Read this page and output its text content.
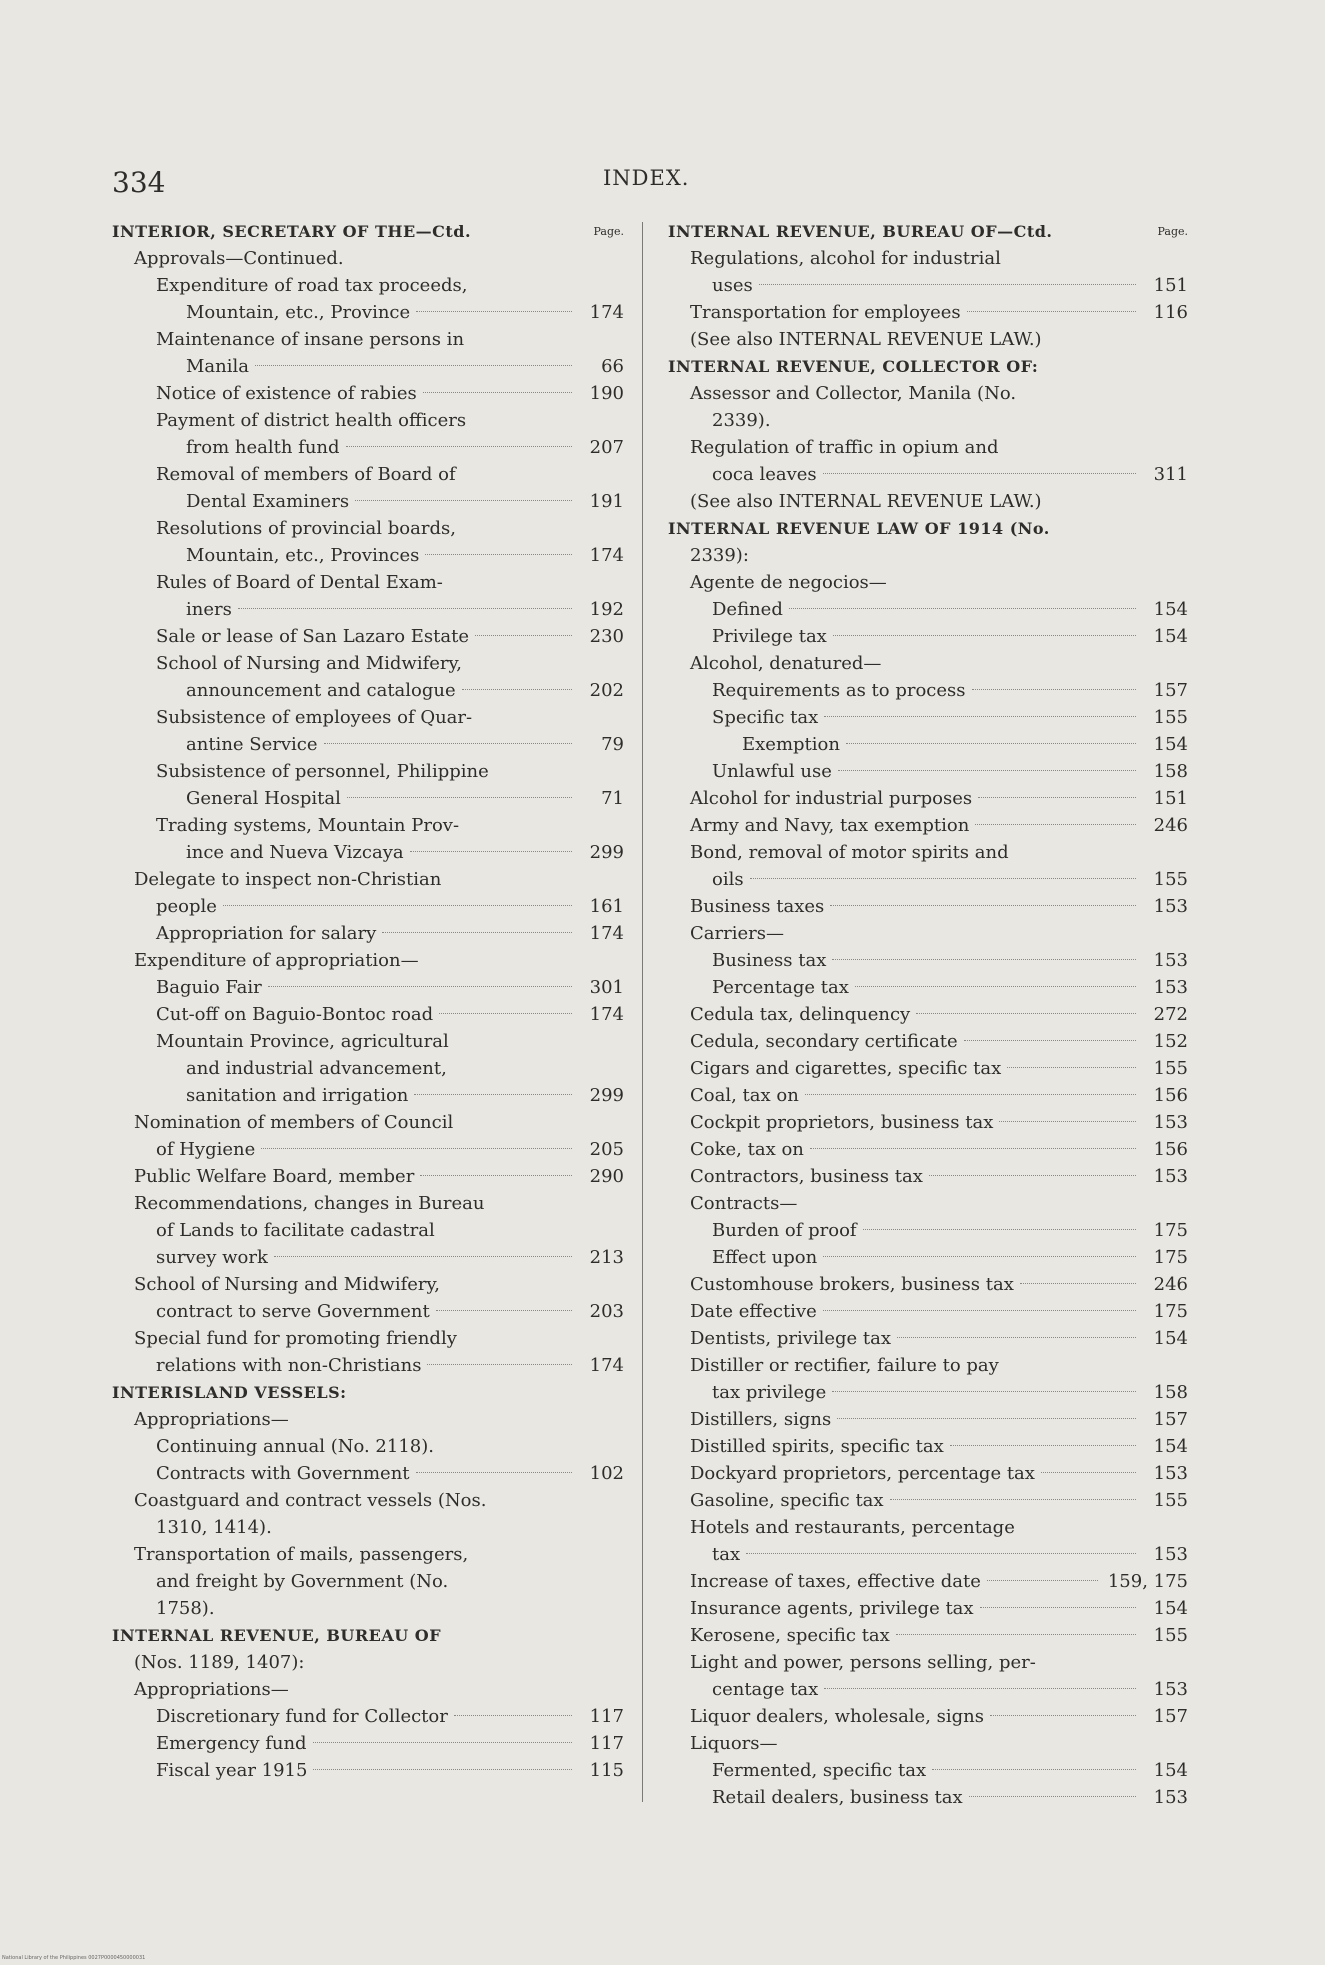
334	INDEX.
INTERIOR, SECRETARY OF THE—Ctd.	Page.
Approvals—Continued.
Expenditure of road tax proceeds,
Mountain, etc., Province	174
Maintenance of insane persons in
Manila	66
Notice of existence of rabies	190
Payment of district health officers
from health fund	207
Removal of members of Board of
Dental Examiners	191
Resolutions of provincial boards,
Mountain, etc., Provinces	174
Rules of Board of Dental Exam-
iners	192
Sale or lease of San Lazaro Estate	230
School of Nursing and Midwifery,
announcement and catalogue	202
Subsistence of employees of Quar-
antine Service	79
Subsistence of personnel, Philippine
General Hospital	71
Trading systems, Mountain Prov-
ince and Nueva Vizcaya	299
Delegate to inspect non-Christian
people	161
Appropriation for salary	174
Expenditure of appropriation—
Baguio Fair	301
Cut-off on Baguio-Bontoc road	174
Mountain Province, agricultural
and industrial advancement,
sanitation and irrigation	299
Nomination of members of Council
of Hygiene	205
Public Welfare Board, member	290
Recommendations, changes in Bureau
of Lands to facilitate cadastral
survey work	213
School of Nursing and Midwifery,
contract to serve Government	203
Special fund for promoting friendly
relations with non-Christians	174
INTERISLAND VESSELS:
Appropriations—
Continuing annual (No. 2118).
Contracts with Government	102
Coastguard and contract vessels (Nos.
1310, 1414).
Transportation of mails, passengers,
and freight by Government (No.
1758).
INTERNAL REVENUE, BUREAU OF
(Nos. 1189, 1407):
Appropriations—
Discretionary fund for Collector	117
Emergency fund	117
Fiscal year 1915	115
INTERNAL REVENUE, BUREAU OF—Ctd.	Page.
Regulations, alcohol for industrial
uses	151
Transportation for employees	116
(See also INTERNAL REVENUE LAW.)
INTERNAL REVENUE, COLLECTOR OF:
Assessor and Collector, Manila (No.
2339).
Regulation of traffic in opium and
coca leaves	311
(See also INTERNAL REVENUE LAW.)
INTERNAL REVENUE LAW OF 1914 (No.
2339):
Agente de negocios—
Defined	154
Privilege tax	154
Alcohol, denatured—
Requirements as to process	157
Specific tax	155
Exemption	154
Unlawful use	158
Alcohol for industrial purposes	151
Army and Navy, tax exemption	246
Bond, removal of motor spirits and
oils	155
Business taxes	153
Carriers—
Business tax	153
Percentage tax	153
Cedula tax, delinquency	272
Cedula, secondary certificate	152
Cigars and cigarettes, specific tax	155
Coal, tax on	156
Cockpit proprietors, business tax	153
Coke, tax on	156
Contractors, business tax	153
Contracts—
Burden of proof	175
Effect upon	175
Customhouse brokers, business tax	246
Date effective	175
Dentists, privilege tax	154
Distiller or rectifier, failure to pay
tax privilege	158
Distillers, signs	157
Distilled spirits, specific tax	154
Dockyard proprietors, percentage tax	153
Gasoline, specific tax	155
Hotels and restaurants, percentage
tax	153
Increase of taxes, effective date	159, 175
Insurance agents, privilege tax	154
Kerosene, specific tax	155
Light and power, persons selling, per-
centage tax	153
Liquor dealers, wholesale, signs	157
Liquors—
Fermented, specific tax	154
Retail dealers, business tax	153
National Library of the Philippines 0027P0000450000031
